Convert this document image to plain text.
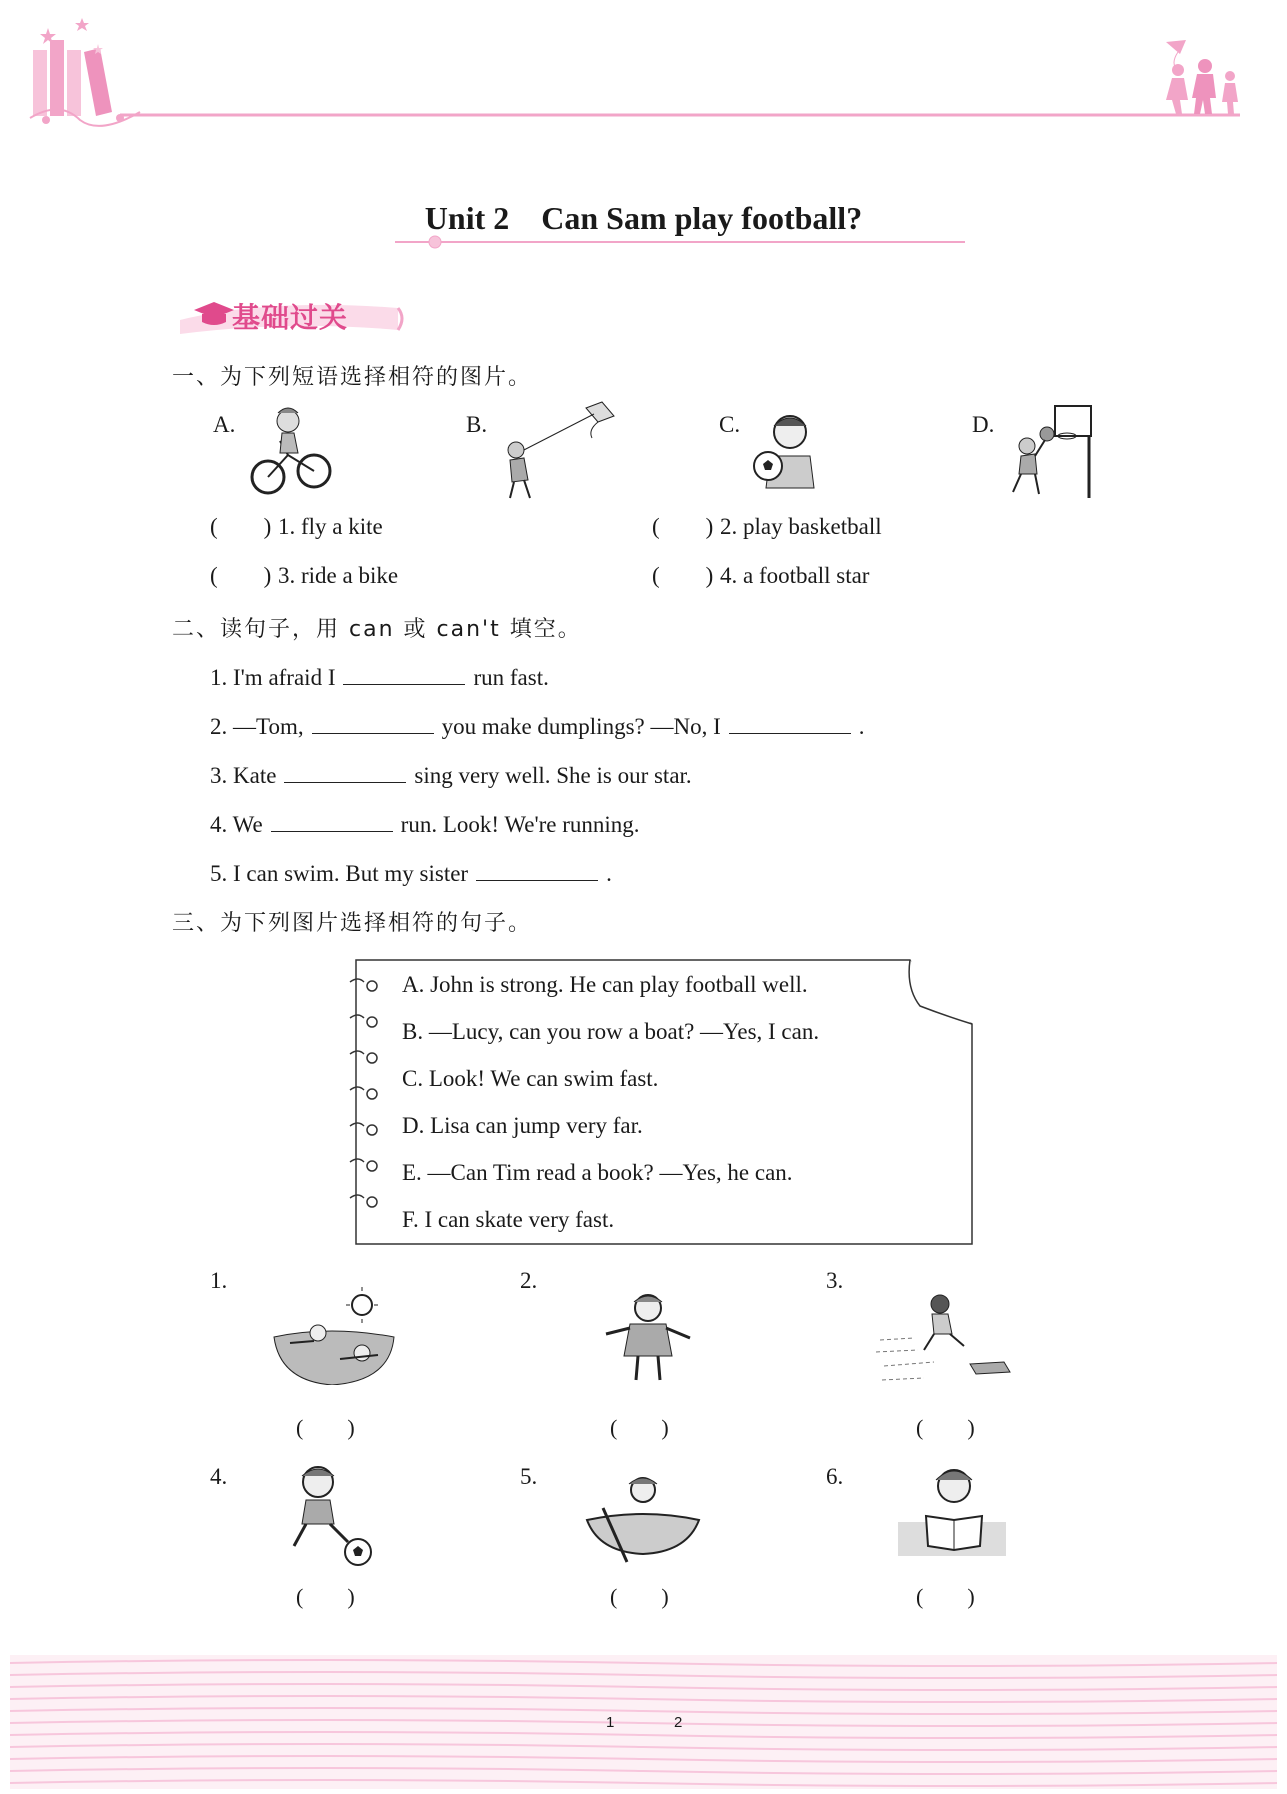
Unit 2    Can Sam play football?
基础过关
一、为下列短语选择相符的图片。
A.	B.	C.	D.
(        ) 1. fly a kite	(        ) 2. play basketball
(        ) 3. ride a bike	(        ) 4. a football star
二、读句子，用 can 或 can't 填空。
1. I'm afraid I	run fast.
2. —Tom,	you make dumplings? —No, I	.
3. Kate	sing very well. She is our star.
4. We	run. Look! We're running.
5. I can swim. But my sister	.
三、为下列图片选择相符的句子。
A. John is strong. He can play football well.
B. —Lucy, can you row a boat? —Yes, I can.
C. Look! We can swim fast.
D. Lisa can jump very far.
E. —Can Tim read a book? —Yes, he can.
F. I can skate very fast.
1.
(        )
2.
(        )
3.
(        )
4.
(        )
5.
(        )
6.
(        )
1	2
